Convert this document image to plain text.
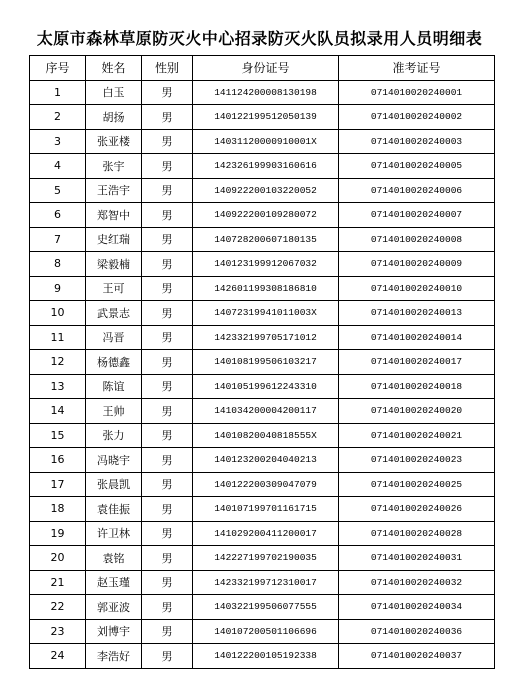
太原市森林草原防灭火中心招录防灭火队员拟录用人员明细表
序号	姓名	性别	身份证号	准考证号
1	白玉	男	141124200008130198	0714010020240001
2	胡扬	男	140122199512050139	0714010020240002
3	张亚楼	男	14031120000910001X	0714010020240003
4	张宇	男	142326199903160616	0714010020240005
5	王浩宇	男	140922200103220052	0714010020240006
6	郑智中	男	140922200109280072	0714010020240007
7	史红瑞	男	140728200607180135	0714010020240008
8	梁毅楠	男	140123199912067032	0714010020240009
9	王可	男	142601199308186810	0714010020240010
10	武景志	男	14072319941011003X	0714010020240013
11	冯晋	男	142332199705171012	0714010020240014
12	杨德鑫	男	140108199506103217	0714010020240017
13	陈谊	男	140105199612243310	0714010020240018
14	王帅	男	141034200004200117	0714010020240020
15	张力	男	14010820040818555X	0714010020240021
16	冯晓宇	男	140123200204040213	0714010020240023
17	张晨凯	男	140122200309047079	0714010020240025
18	袁佳振	男	140107199701161715	0714010020240026
19	许卫林	男	141029200411200017	0714010020240028
20	袁铭	男	142227199702190035	0714010020240031
21	赵玉瑾	男	142332199712310017	0714010020240032
22	郭亚波	男	140322199506077555	0714010020240034
23	刘博宇	男	140107200501106696	0714010020240036
24	李浩好	男	140122200105192338	0714010020240037
